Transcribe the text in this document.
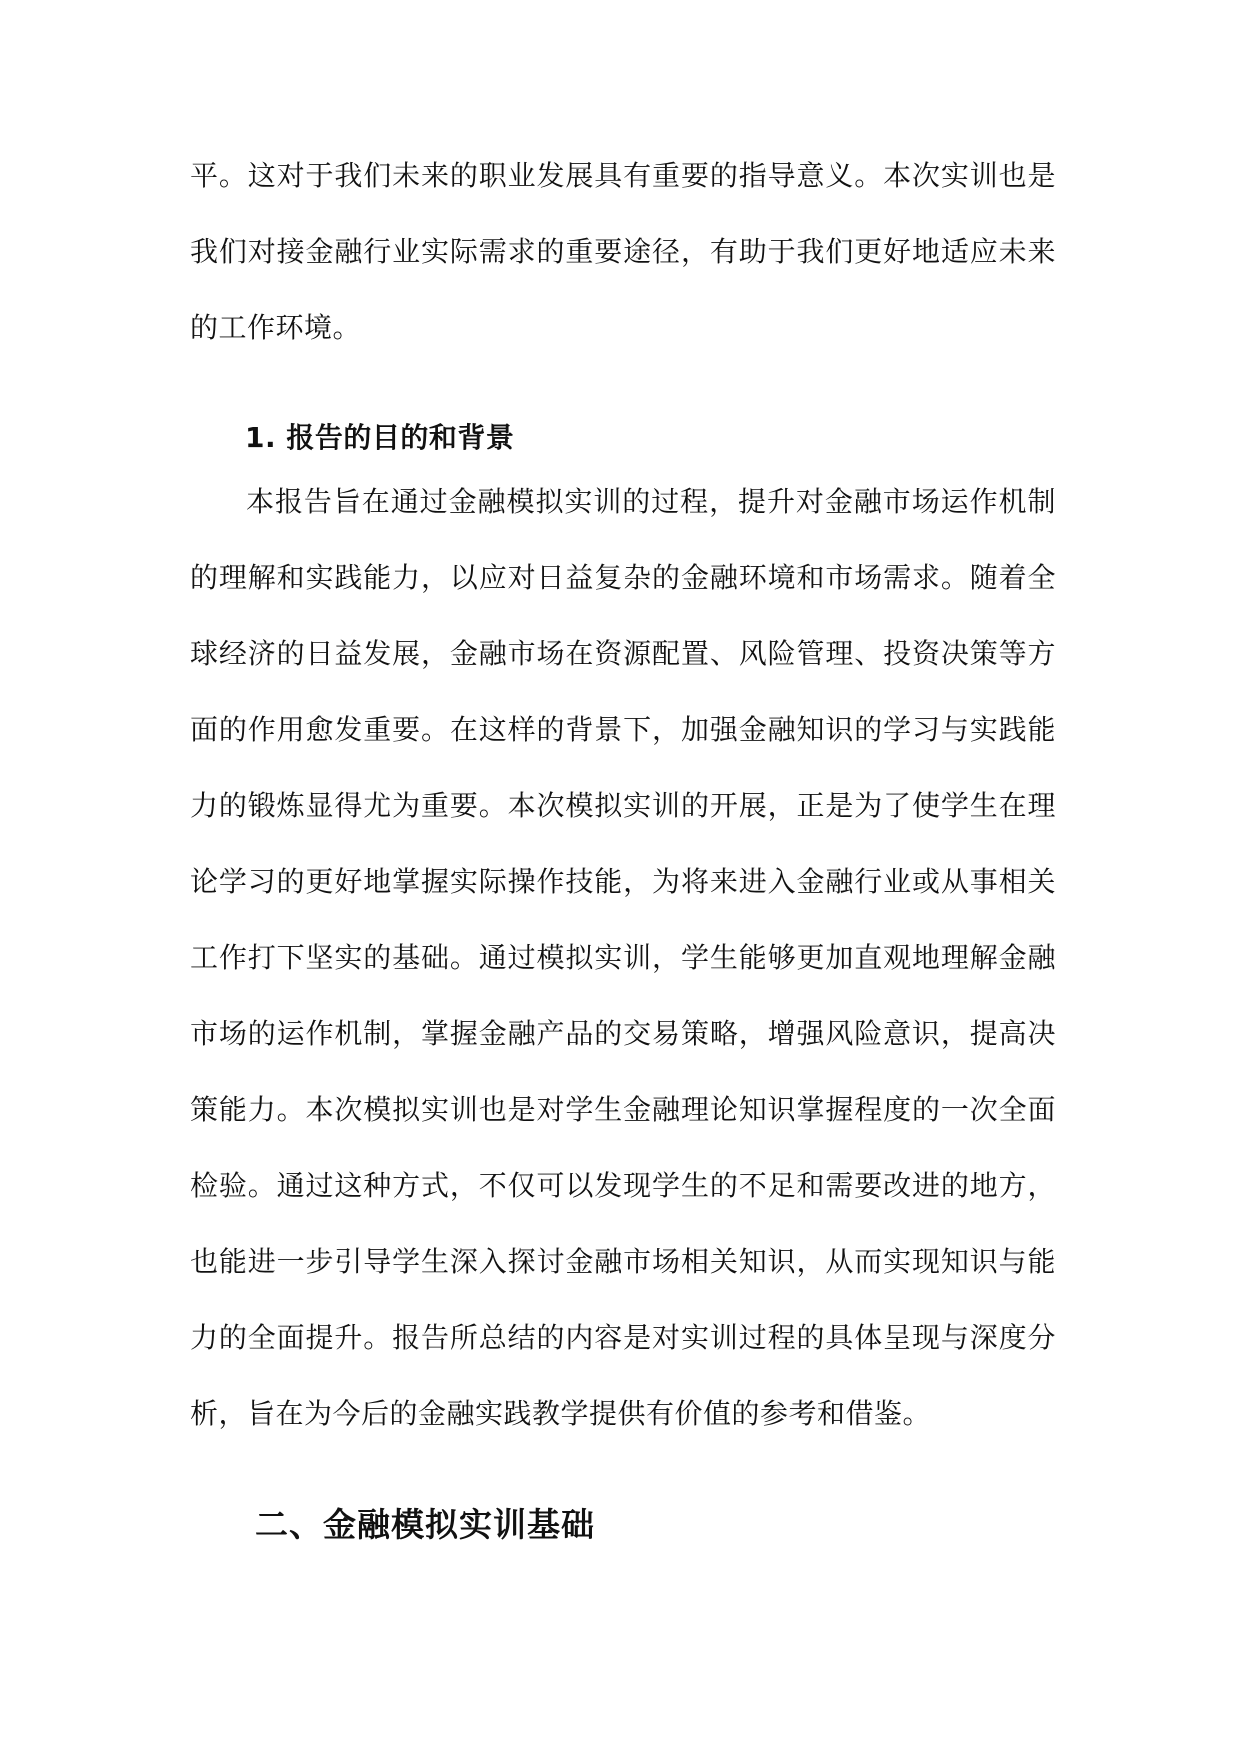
平。这对于我们未来的职业发展具有重要的指导意义。本次实训也是
我们对接金融行业实际需求的重要途径，有助于我们更好地适应未来
的工作环境。
1. 报告的目的和背景
本报告旨在通过金融模拟实训的过程，提升对金融市场运作机制
的理解和实践能力，以应对日益复杂的金融环境和市场需求。随着全
球经济的日益发展，金融市场在资源配置、风险管理、投资决策等方
面的作用愈发重要。在这样的背景下，加强金融知识的学习与实践能
力的锻炼显得尤为重要。本次模拟实训的开展，正是为了使学生在理
论学习的更好地掌握实际操作技能，为将来进入金融行业或从事相关
工作打下坚实的基础。通过模拟实训，学生能够更加直观地理解金融
市场的运作机制，掌握金融产品的交易策略，增强风险意识，提高决
策能力。本次模拟实训也是对学生金融理论知识掌握程度的一次全面
检验。通过这种方式，不仅可以发现学生的不足和需要改进的地方，
也能进一步引导学生深入探讨金融市场相关知识，从而实现知识与能
力的全面提升。报告所总结的内容是对实训过程的具体呈现与深度分
析，旨在为今后的金融实践教学提供有价值的参考和借鉴。
二、金融模拟实训基础
